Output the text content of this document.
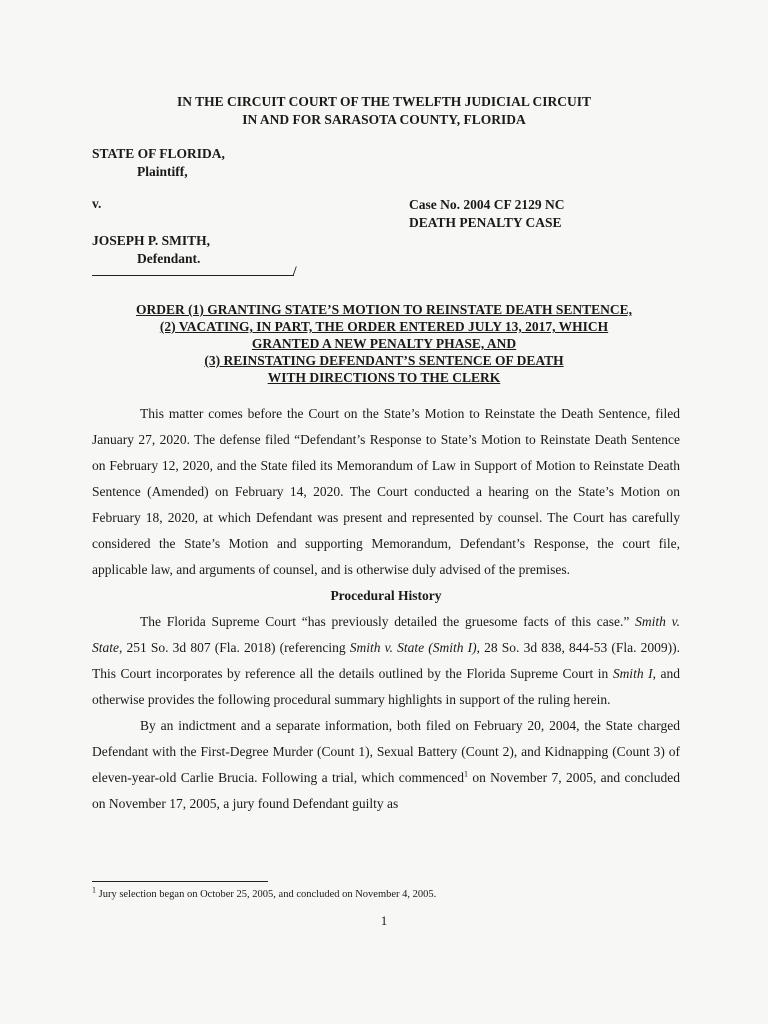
IN THE CIRCUIT COURT OF THE TWELFTH JUDICIAL CIRCUIT
IN AND FOR SARASOTA COUNTY, FLORIDA
STATE OF FLORIDA,
Plaintiff,
v.	Case No. 2004 CF 2129 NC
DEATH PENALTY CASE
JOSEPH P. SMITH,
Defendant.
/
ORDER (1) GRANTING STATE’S MOTION TO REINSTATE DEATH SENTENCE,
(2) VACATING, IN PART, THE ORDER ENTERED JULY 13, 2017, WHICH
GRANTED A NEW PENALTY PHASE, AND
(3) REINSTATING DEFENDANT’S SENTENCE OF DEATH
WITH DIRECTIONS TO THE CLERK

This matter comes before the Court on the State’s Motion to Reinstate the Death Sentence, filed January 27, 2020. The defense filed “Defendant’s Response to State’s Motion to Reinstate Death Sentence on February 12, 2020, and the State filed its Memorandum of Law in Support of Motion to Reinstate Death Sentence (Amended) on February 14, 2020. The Court conducted a hearing on the State’s Motion on February 18, 2020, at which Defendant was present and represented by counsel. The Court has carefully considered the State’s Motion and supporting Memorandum, Defendant’s Response, the court file, applicable law, and arguments of counsel, and is otherwise duly advised of the premises.

Procedural History

The Florida Supreme Court “has previously detailed the gruesome facts of this case.” Smith v. State, 251 So. 3d 807 (Fla. 2018) (referencing Smith v. State (Smith I), 28 So. 3d 838, 844-53 (Fla. 2009)). This Court incorporates by reference all the details outlined by the Florida Supreme Court in Smith I, and otherwise provides the following procedural summary highlights in support of the ruling herein.

By an indictment and a separate information, both filed on February 20, 2004, the State charged Defendant with the First-Degree Murder (Count 1), Sexual Battery (Count 2), and Kidnapping (Count 3) of eleven-year-old Carlie Brucia. Following a trial, which commenced$^1$ on November 7, 2005, and concluded on November 17, 2005, a jury found Defendant guilty as

$^1$ Jury selection began on October 25, 2005, and concluded on November 4, 2005.
1
